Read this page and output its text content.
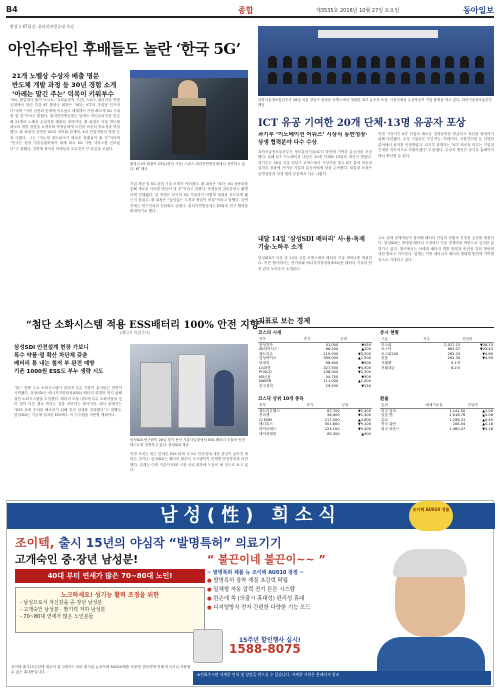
B4	종합	제3535호 2018년 10월 27일 토요일	동아일보
황창규 KT회장, 취리히연방공대 특강
아인슈타인 후배들도 놀란 ‘한국 5G’
21개 노벨상 수상자 배출 명문
반도체 개발 과정 등 30년 경험 소개
‘아레는 맡긴 주는’ 덕목이 키워부수
“5G, 협업하다 왔어 다르요.” 23일(현지 시간) 스위스 취리히의 연방공대에서 열린 특강 KT 황창규 회장은 “5G는 ICT의 초대형 인프라다”라며 “이미 상용화 단계에 이르렀고 세계에서 가장 빠르게 5G 시대를 열 것”이라고 밝혔다. 취리히연방공대는 알버트 아인슈타인을 비롯해 21명의 노벨상 수상자를 배출한 대학이다. 황 회장은 이날 반도체 메모리 개발 경험을 소개하며 학생들에게 도전과 혁신의 중요성을 역설했다. 황 회장의 강연은 5G의 의미와 잠재력, 4차 산업혁명의 방향 등을 다뤘다. 그는 “지능형 네트워크가 새로운 플랫폼이 될 것”이라며 “한국은 평창 겨울올림픽에서 세계 최초 5G 시범 서비스를 선보였다”고 말했다. 강연에 참석한 학생들과 교수진은 큰 관심을 보였다.
황창규 KT 회장이 23일(현지 시간) 스위스 취리히연방공대에서 강연하고 있다. KT 제공
기업 제공 및 5G 관련 기술 소개가 이어졌다. 황 회장은 “KT는 5G 상용화를 통해 새로운 가치를 만들어 낼 것”이라고 말했다. 학생들의 질의응답도 활발하게 진행됐다. 한 학생은 한국의 5G 기술력이 어떻게 세계를 선도하게 됐는지 물었고, 황 회장은 “끊임없는 도전과 협업이 비결”이라고 답했다. 강연 후에는 연구진과의 간담회도 열렸다. 취리히연방공대는 KT와의 연구 협력을 확대하기로 했다.
과학기술정보통신부가 26일 서울 강남구 삼성동 코엑스에서 개최한 ‘ICT 유공자 포상’ 시상식에서 수상자들이 기념 촬영을 하고 있다. 과학기술정보통신부 제공
ICT 유공 기여한 20개 단체·13명 유공자 포상
과기부 ‘이노베이션 어워즈’ 시상식 동반성장·상생 협력분야 다수 수상
과학기술정보통신부가 정보통신기술(ICT) 발전에 기여한 유공자를 포상했다. 올해 ICT 이노베이션 대상은 20개 단체와 13명의 개인이 받았다. 과기부는 26일 서울 강남구 코엑스에서 시상식을 열고 ICT 분야 혁신과 일자리 창출에 기여한 기업과 유공자에게 상을 수여했다. 대통령 표창은 동반성장과 상생 협력 부문에서 다수 나왔다.
이번 시상식은 ICT 산업의 새로운 성장동력을 발굴하고 혁신을 장려하기 위해 마련됐다. 수상 기업들은 인공지능, 빅데이터, 사물인터넷 등 다양한 분야에서 성과를 인정받았다. 과기부 관계자는 “ICT 혁신을 이끄는 기업과 인재를 지속적으로 지원하겠다”고 밝혔다. 수상자 명단은 과기부 홈페이지에서 확인할 수 있다.
내달 14일 ‘삼성SDI 배터리’ 사·용·독재 기술·노하우 소개
삼성SDI가 다음 달 14일 서울 코엑스에서 배터리 기술 세미나를 개최한다. 이번 행사에서는 전기차와 에너지저장장치(ESS)용 배터리 기술과 안전 관리 노하우가 소개된다.
주요 업체 관계자들이 참석해 배터리 산업의 현황과 전망을 공유할 예정이다. 삼성SDI는 중대형 배터리 시장에서 기술 경쟁력을 바탕으로 입지를 넓혀가고 있다. 행사에서는 차세대 배터리 개발 방향과 안전성 강화 방안에 대한 발표도 이어진다. 업계는 이번 세미나가 배터리 생태계 발전에 기여할 것으로 기대하고 있다.
“첨단 소화시스템 적용 ESS배터리 100% 안전 지향”
(에너지 특집기사)
삼성SDI 안전설계 현장 가보니
특수 약품·열 확산 차단제 갖춘
배터리 통 내는 철저 부 완전 예방
기존 1000원 ESS도 부누 생략 시도
“불.” 진짜 주요 소화시스템이 열리며 특수 약품이 분사되는 장면이 시연됐다. 삼성SDI는 에너지저장장치(ESS) 배터리 화재를 막기 위해 첨단 소화시스템을 도입했다. 배터리 모듈 내부에 특수 소화약품을 넣어 열이 다른 셀로 번지는 것을 차단하는 방식이다. 회사 관계자는 “ESS 화재 우려를 해소하기 위해 안전 설계를 강화했다”고 말했다. 삼성SDI는 기존에 설치된 ESS에도 이 시스템을 적용할 계획이다.
삼성SDI 연구원이 26일 경기 용인 기흥사업장에서 ESS 배터리 모듈의 안전 테스트를 설명하고 있다. 삼성SDI 제공
이번 조치는 최근 잇따른 ESS 화재 사고로 안전성에 대한 관심이 높아진 데 따른 것이다. 삼성SDI는 배터리 셀부터 시스템까지 단계별 안전장치를 마련했다. 업계는 이번 기술이 ESS 시장 신뢰 회복에 도움이 될 것으로 보고 있다.
지표로 보는 경제
코스피 시세
종목	종가	등락
삼성전자	41,000	▼450
SK하이닉스	66,500	▲200
셀트리온	219,500	▼3,500
삼성바이오	399,000	▲1,500
현대차	98,600	▼900
LG화학	327,500	▼4,500
POSCO	238,000	▼2,500
KB금융	44,750	▼500
NAVER	111,000	▲1,000
한국전력	29,500	▼150
코스닥 상위 10개 종목
종목	종가	등락
셀트리온헬스	67,700	▼2,300
신라젠	56,400	▼1,400
CJ ENM	217,000	▲3,600
메디톡스	501,800	▼9,100
바이로메드	224,100	▼5,400
에이치엘비	85,300	▲900
증시 현황
구분	지수	전일비
코스피	2,027.15	▼36.15
코스닥	663.07	▼25.43
코스피200	262.29	▼4.60
선물	261.30	▼4.90
거래량	5.1억	
거래대금	6.2조	
환율
통화	매매기준율	전일비
미국 달러	1,141.50	▲2.00
일본 엔	1,018.76	▲5.06
유로	1,296.31	▲0.40
중국 위안	164.04	▲0.18
영국 파운드	1,460.47	▼3.18
남성(性) 희소식
조이텍, 출시 15년의 야심작 “발명특허” 의료기기
고개숙인 중·장년 남성분!	“ 불끈이네 불끈이~~ ”
40대 부터 연세가 많은 70~80대 노인!	~ 발명특허 제품 뉴 조이텍 AU010 장점 ~
● 발명특허 장착 재질 초강력 탁월
● 일체형 자동 압력 전기 튼튼 시스템
● 한손에 쏙 (의출시 휴대성) 편리성 휴대
● 디지털방식 전자 간편한 다양한 기능 모드
노크하세요! 성기능 활력 조정을 위한
- 남성으로서 자신감을 중·장년 남성분
- 고개숙인 남성분 · 발기력 저하 남성분
- 70~80대 연세가 많은 노인분들
15주년 할인행사 실시!
1588-8075
조이텍 AU010 정품
조이텍 출시15주년에 새로이 업그레이드 되어 출시된 뉴조이텍 AU010제품 사용법 간단하며 언제 어디서나 사용할 수 있는 휴대용입니다.	※전화주시면 자세한 안내 및 상담을 받으실 수 있습니다. 자세한 사항은 홈페이지 참조
